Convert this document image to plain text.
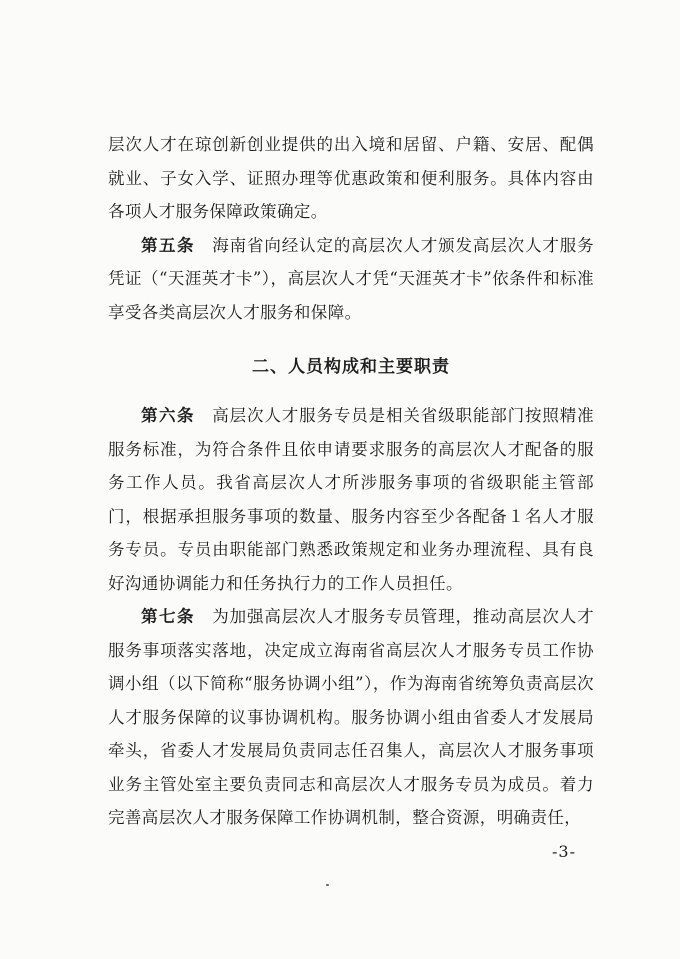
层次人才在琼创新创业提供的出入境和居留、户籍、安居、配偶就业、子女入学、证照办理等优惠政策和便利服务。具体内容由各项人才服务保障政策确定。

第五条　 海南省向经认定的高层次人才颁发高层次人才服务凭证（“天涯英才卡”），高层次人才凭“天涯英才卡”依条件和标准享受各类高层次人才服务和保障。

二、人员构成和主要职责

第六条　 高层次人才服务专员是相关省级职能部门按照精准服务标准，为符合条件且依申请要求服务的高层次人才配备的服务工作人员。我省高层次人才所涉服务事项的省级职能主管部门，根据承担服务事项的数量、服务内容至少各配备１名人才服务专员。专员由职能部门熟悉政策规定和业务办理流程、具有良好沟通协调能力和任务执行力的工作人员担任。

第七条　 为加强高层次人才服务专员管理，推动高层次人才服务事项落实落地，决定成立海南省高层次人才服务专员工作协调小组（以下简称“服务协调小组”），作为海南省统筹负责高层次人才服务保障的议事协调机构。服务协调小组由省委人才发展局牵头，省委人才发展局负责同志任召集人，高层次人才服务事项业务主管处室主要负责同志和高层次人才服务专员为成员。着力完善高层次人才服务保障工作协调机制，整合资源，明确责任，

-3-
